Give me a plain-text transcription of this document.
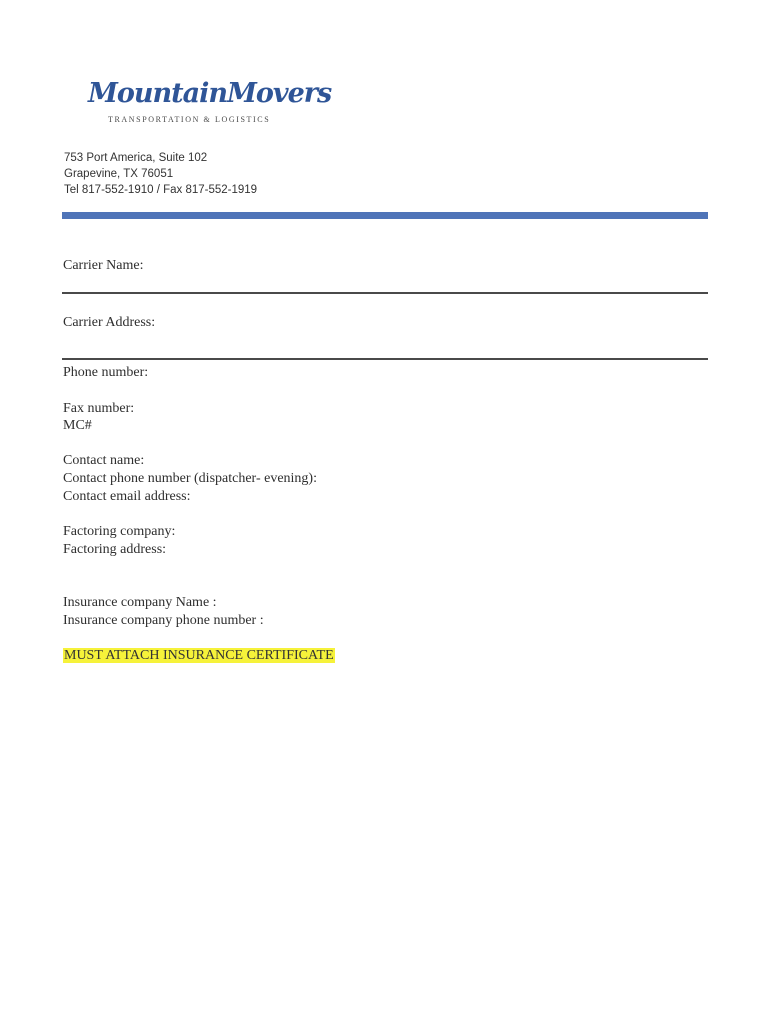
MountainMovers
TRANSPORTATION & LOGISTICS
753 Port America, Suite 102
Grapevine, TX 76051
Tel 817-552-1910 / Fax 817-552-1919
Carrier Name:
Carrier Address:
Phone number:
Fax number:
MC#
Contact name:
Contact phone number (dispatcher- evening):
Contact email address:
Factoring company:
Factoring address:
Insurance company Name :
Insurance company phone number :
MUST ATTACH INSURANCE CERTIFICATE
